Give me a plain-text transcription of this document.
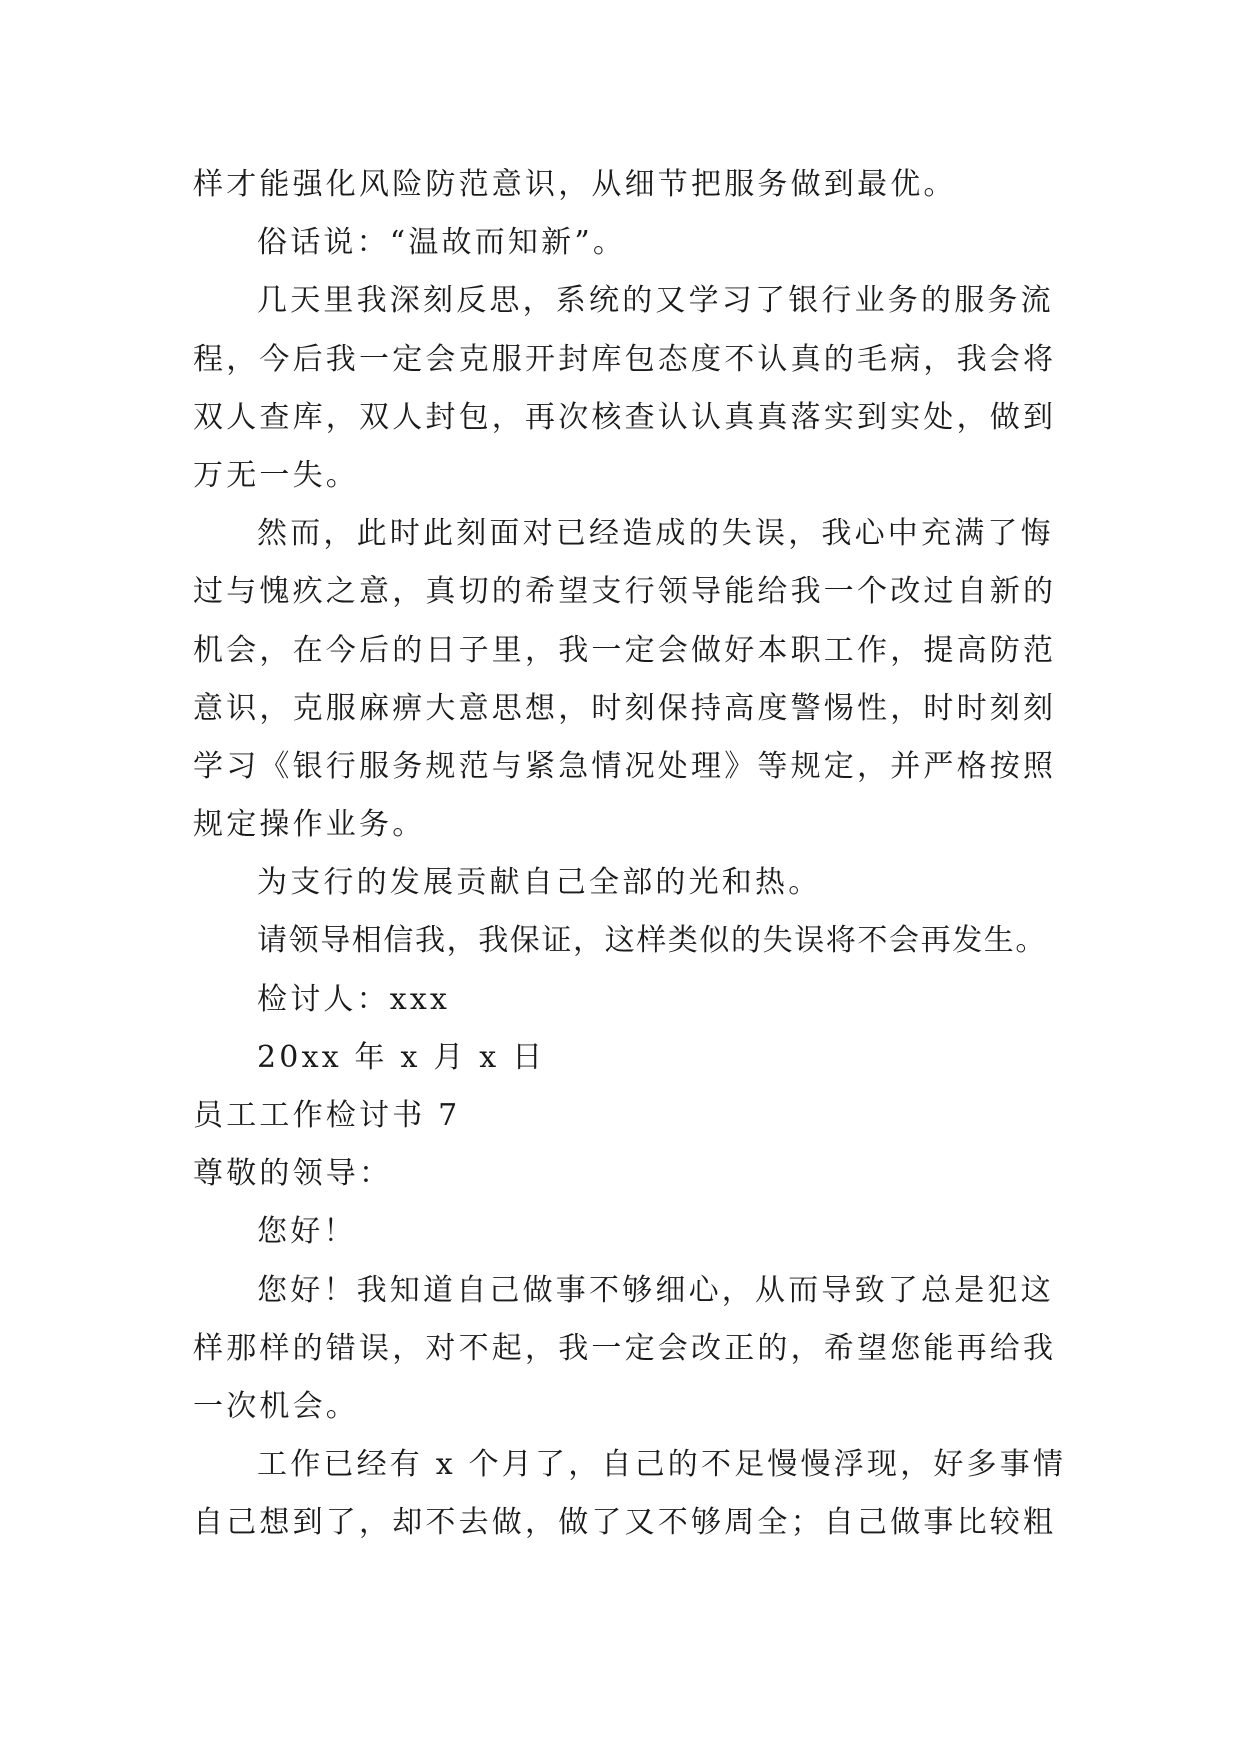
样才能强化风险防范意识，从细节把服务做到最优。
俗话说：“温故而知新”。
几天里我深刻反思，系统的又学习了银行业务的服务流
程，今后我一定会克服开封库包态度不认真的毛病，我会将
双人查库，双人封包，再次核查认认真真落实到实处，做到
万无一失。
然而，此时此刻面对已经造成的失误，我心中充满了悔
过与愧疚之意，真切的希望支行领导能给我一个改过自新的
机会，在今后的日子里，我一定会做好本职工作，提高防范
意识，克服麻痹大意思想，时刻保持高度警惕性，时时刻刻
学习《银行服务规范与紧急情况处理》等规定，并严格按照
规定操作业务。
为支行的发展贡献自己全部的光和热。
请领导相信我，我保证，这样类似的失误将不会再发生。
检讨人：xxx
20xx 年 x 月 x 日
员工工作检讨书 7
尊敬的领导：
您好！
您好！我知道自己做事不够细心，从而导致了总是犯这
样那样的错误，对不起，我一定会改正的，希望您能再给我
一次机会。
工作已经有 x 个月了，自己的不足慢慢浮现，好多事情
自己想到了，却不去做，做了又不够周全；自己做事比较粗
